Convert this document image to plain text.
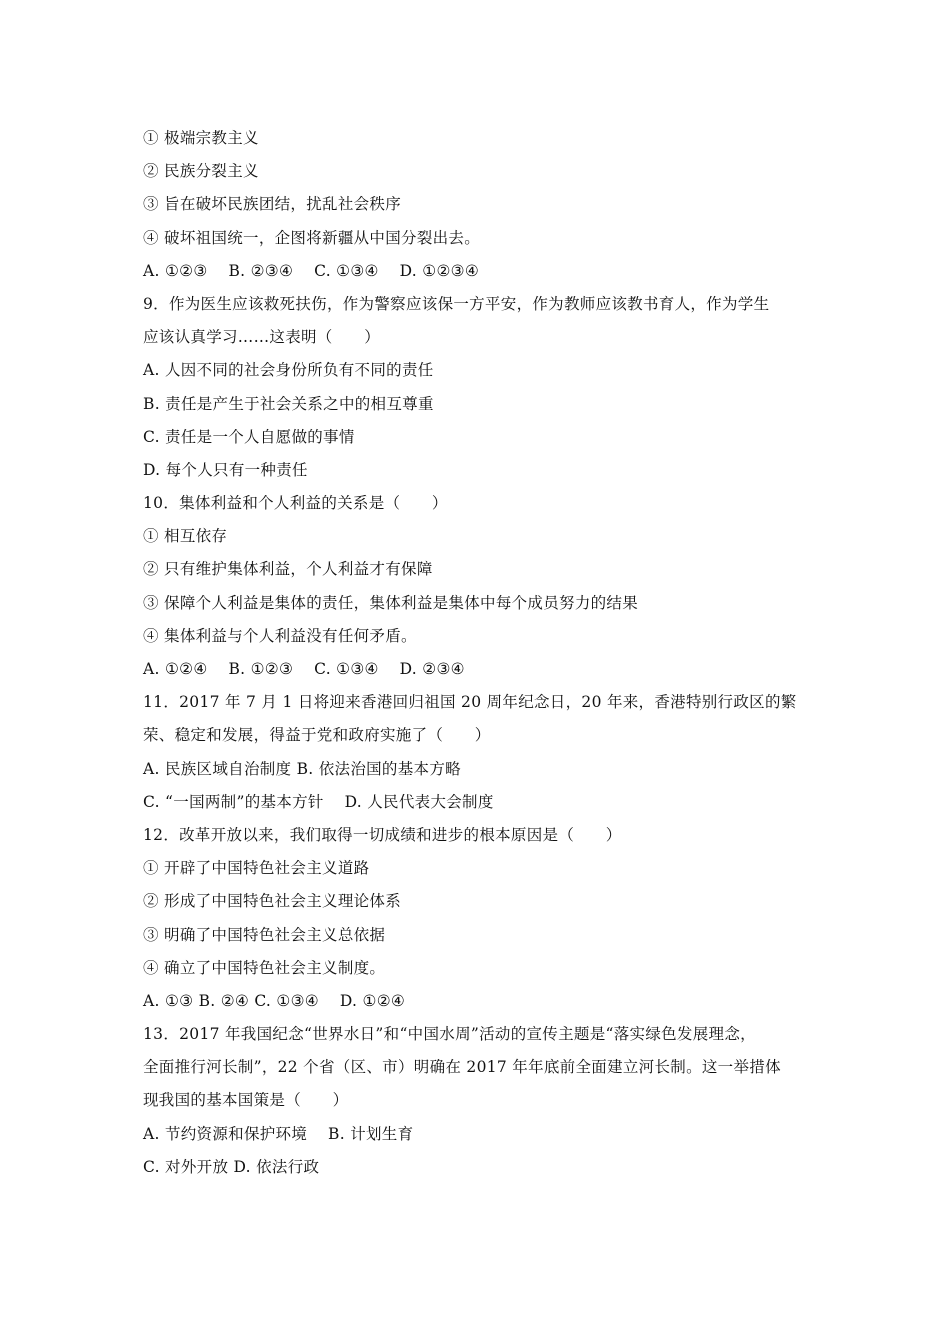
① 极端宗教主义
② 民族分裂主义
③ 旨在破坏民族团结，扰乱社会秩序
④ 破坏祖国统一，企图将新疆从中国分裂出去。
A. ①②③    B. ②③④    C. ①③④    D. ①②③④
9．作为医生应该救死扶伤，作为警察应该保一方平安，作为教师应该教书育人，作为学生
应该认真学习……这表明（　　）
A. 人因不同的社会身份所负有不同的责任
B. 责任是产生于社会关系之中的相互尊重
C. 责任是一个人自愿做的事情
D. 每个人只有一种责任
10．集体利益和个人利益的关系是（　　）
① 相互依存
② 只有维护集体利益，个人利益才有保障
③ 保障个人利益是集体的责任，集体利益是集体中每个成员努力的结果
④ 集体利益与个人利益没有任何矛盾。
A. ①②④    B. ①②③    C. ①③④    D. ②③④
11．2017 年 7 月 1 日将迎来香港回归祖国 20 周年纪念日，20 年来，香港特别行政区的繁
荣、稳定和发展，得益于党和政府实施了（　　）
A. 民族区域自治制度 B. 依法治国的基本方略
C. “一国两制”的基本方针    D. 人民代表大会制度
12．改革开放以来，我们取得一切成绩和进步的根本原因是（　　）
① 开辟了中国特色社会主义道路
② 形成了中国特色社会主义理论体系
③ 明确了中国特色社会主义总依据
④ 确立了中国特色社会主义制度。
A. ①③ B. ②④ C. ①③④    D. ①②④
13．2017 年我国纪念“世界水日”和“中国水周”活动的宣传主题是“落实绿色发展理念，
全面推行河长制”，22 个省（区、市）明确在 2017 年年底前全面建立河长制。这一举措体
现我国的基本国策是（　　）
A. 节约资源和保护环境    B. 计划生育
C. 对外开放 D. 依法行政
